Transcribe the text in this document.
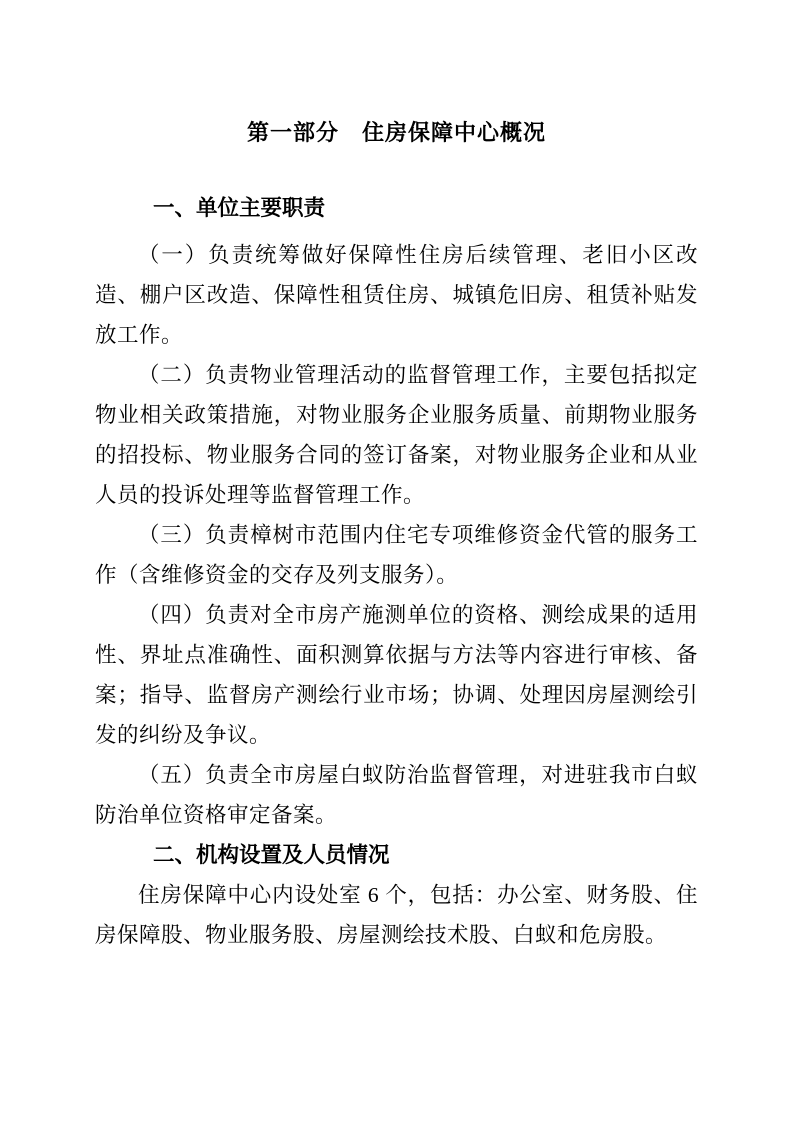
第一部分　住房保障中心概况
一、单位主要职责

（一）负责统筹做好保障性住房后续管理、老旧小区改造、棚户区改造、保障性租赁住房、城镇危旧房、租赁补贴发放工作。

（二）负责物业管理活动的监督管理工作，主要包括拟定物业相关政策措施，对物业服务企业服务质量、前期物业服务的招投标、物业服务合同的签订备案，对物业服务企业和从业人员的投诉处理等监督管理工作。

（三）负责樟树市范围内住宅专项维修资金代管的服务工作（含维修资金的交存及列支服务）。

（四）负责对全市房产施测单位的资格、测绘成果的适用性、界址点准确性、面积测算依据与方法等内容进行审核、备案；指导、监督房产测绘行业市场；协调、处理因房屋测绘引发的纠纷及争议。

（五）负责全市房屋白蚁防治监督管理，对进驻我市白蚁防治单位资格审定备案。

二、机构设置及人员情况

住房保障中心内设处室 6 个，包括：办公室、财务股、住房保障股、物业服务股、房屋测绘技术股、白蚁和危房股。
